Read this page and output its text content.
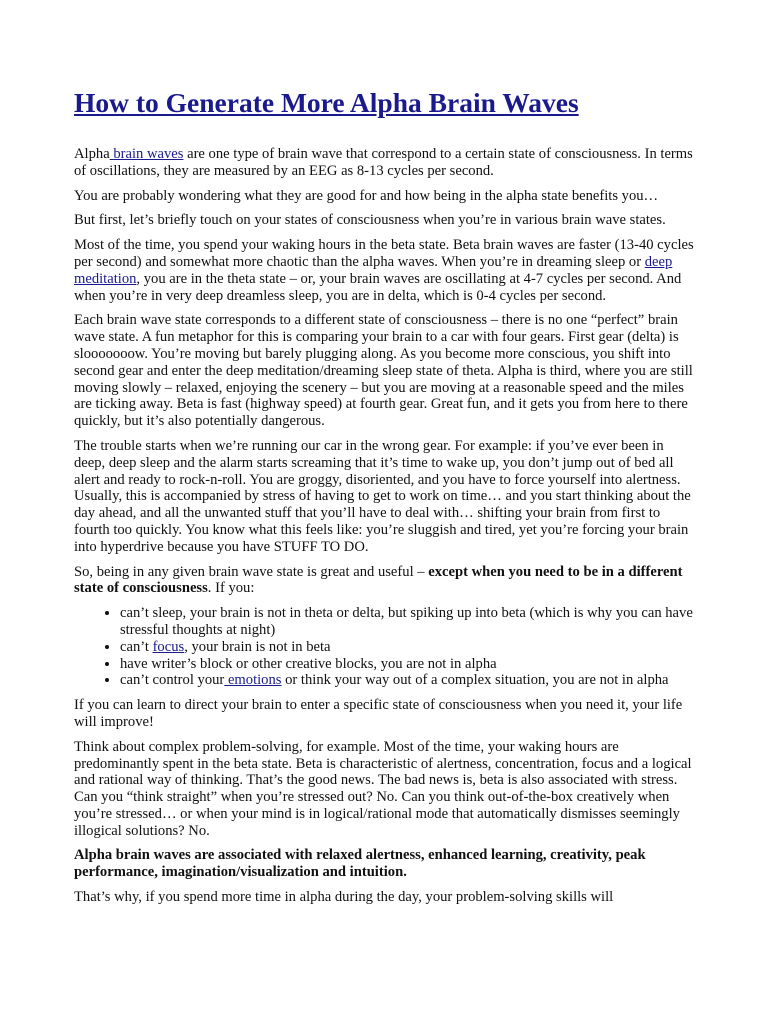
How to Generate More Alpha Brain Waves

Alpha brain waves are one type of brain wave that correspond to a certain state of consciousness. In terms of oscillations, they are measured by an EEG as 8-13 cycles per second.

You are probably wondering what they are good for and how being in the alpha state benefits you…

But first, let’s briefly touch on your states of consciousness when you’re in various brain wave states.

Most of the time, you spend your waking hours in the beta state. Beta brain waves are faster (13-40 cycles per second) and somewhat more chaotic than the alpha waves. When you’re in dreaming sleep or deep meditation, you are in the theta state – or, your brain waves are oscillating at 4-7 cycles per second. And when you’re in very deep dreamless sleep, you are in delta, which is 0-4 cycles per second.

Each brain wave state corresponds to a different state of consciousness – there is no one “perfect” brain wave state. A fun metaphor for this is comparing your brain to a car with four gears. First gear (delta) is slooooooow. You’re moving but barely plugging along. As you become more conscious, you shift into second gear and enter the deep meditation/dreaming sleep state of theta. Alpha is third, where you are still moving slowly – relaxed, enjoying the scenery – but you are moving at a reasonable speed and the miles are ticking away. Beta is fast (highway speed) at fourth gear. Great fun, and it gets you from here to there quickly, but it’s also potentially dangerous.

The trouble starts when we’re running our car in the wrong gear. For example: if you’ve ever been in deep, deep sleep and the alarm starts screaming that it’s time to wake up, you don’t jump out of bed all alert and ready to rock-n-roll. You are groggy, disoriented, and you have to force yourself into alertness. Usually, this is accompanied by stress of having to get to work on time… and you start thinking about the day ahead, and all the unwanted stuff that you’ll have to deal with… shifting your brain from first to fourth too quickly. You know what this feels like: you’re sluggish and tired, yet you’re forcing your brain into hyperdrive because you have STUFF TO DO.

So, being in any given brain wave state is great and useful – except when you need to be in a different state of consciousness. If you:

• can’t sleep, your brain is not in theta or delta, but spiking up into beta (which is why you can have stressful thoughts at night)
• can’t focus, your brain is not in beta
• have writer’s block or other creative blocks, you are not in alpha
• can’t control your emotions or think your way out of a complex situation, you are not in alpha

If you can learn to direct your brain to enter a specific state of consciousness when you need it, your life will improve!

Think about complex problem-solving, for example. Most of the time, your waking hours are predominantly spent in the beta state. Beta is characteristic of alertness, concentration, focus and a logical and rational way of thinking. That’s the good news. The bad news is, beta is also associated with stress. Can you “think straight” when you’re stressed out? No. Can you think out-of-the-box creatively when you’re stressed… or when your mind is in logical/rational mode that automatically dismisses seemingly illogical solutions? No.

Alpha brain waves are associated with relaxed alertness, enhanced learning, creativity, peak performance, imagination/visualization and intuition.

That’s why, if you spend more time in alpha during the day, your problem-solving skills will
